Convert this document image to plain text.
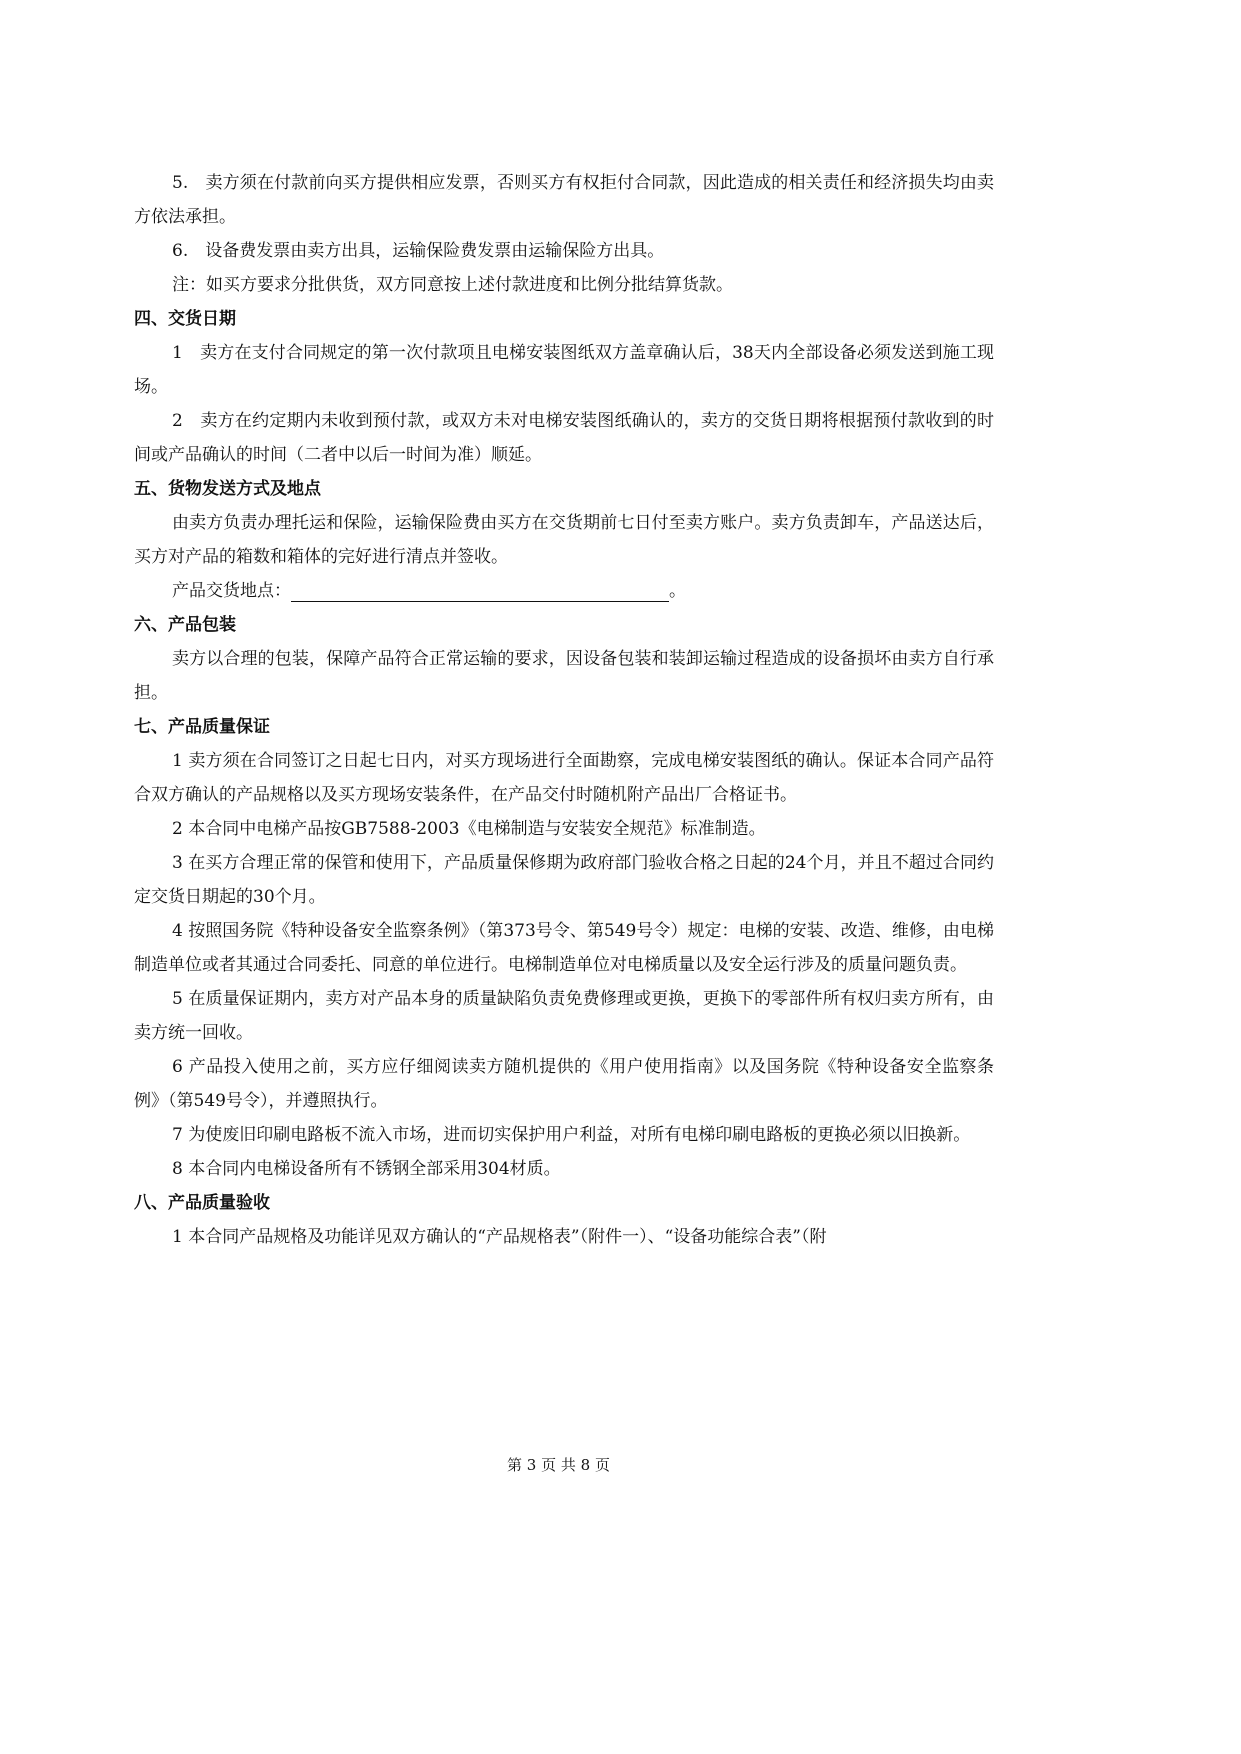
5.　卖方须在付款前向买方提供相应发票，否则买方有权拒付合同款，因此造成的相关责任和经济损失均由卖方依法承担。

6.　设备费发票由卖方出具，运输保险费发票由运输保险方出具。

注：如买方要求分批供货，双方同意按上述付款进度和比例分批结算货款。

四、交货日期

1　卖方在支付合同规定的第一次付款项且电梯安装图纸双方盖章确认后，38天内全部设备必须发送到施工现场。

2　卖方在约定期内未收到预付款，或双方未对电梯安装图纸确认的，卖方的交货日期将根据预付款收到的时间或产品确认的时间（二者中以后一时间为准）顺延。

五、货物发送方式及地点

由卖方负责办理托运和保险，运输保险费由买方在交货期前七日付至卖方账户。卖方负责卸车，产品送达后，买方对产品的箱数和箱体的完好进行清点并签收。

产品交货地点：	。

六、产品包装

卖方以合理的包装，保障产品符合正常运输的要求，因设备包装和装卸运输过程造成的设备损坏由卖方自行承担。

七、产品质量保证

1 卖方须在合同签订之日起七日内，对买方现场进行全面勘察，完成电梯安装图纸的确认。保证本合同产品符合双方确认的产品规格以及买方现场安装条件，在产品交付时随机附产品出厂合格证书。

2 本合同中电梯产品按GB7588-2003《电梯制造与安装安全规范》标准制造。

3 在买方合理正常的保管和使用下，产品质量保修期为政府部门验收合格之日起的24个月，并且不超过合同约定交货日期起的30个月。

4 按照国务院《特种设备安全监察条例》（第373号令、第549号令）规定：电梯的安装、改造、维修，由电梯制造单位或者其通过合同委托、同意的单位进行。电梯制造单位对电梯质量以及安全运行涉及的质量问题负责。

5 在质量保证期内，卖方对产品本身的质量缺陷负责免费修理或更换，更换下的零部件所有权归卖方所有，由卖方统一回收。

6 产品投入使用之前，买方应仔细阅读卖方随机提供的《用户使用指南》以及国务院《特种设备安全监察条例》（第549号令），并遵照执行。

7 为使废旧印刷电路板不流入市场，进而切实保护用户利益，对所有电梯印刷电路板的更换必须以旧换新。

8 本合同内电梯设备所有不锈钢全部采用304材质。

八、产品质量验收

1 本合同产品规格及功能详见双方确认的“产品规格表”（附件一）、“设备功能综合表”（附

第 3 页 共 8 页
